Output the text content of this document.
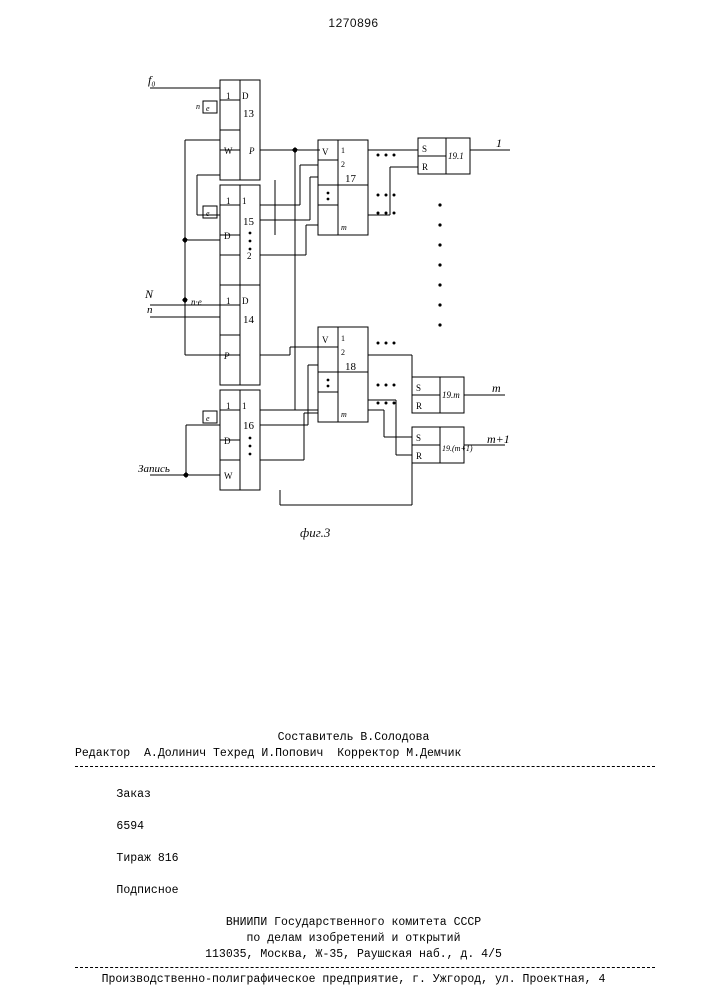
1270896
f₀
1 D
13
e
n
W P
1 1
15
e
D
2
1 D
14
n·e
P
1 1
16
e
D
W
V 1
2
17
m
V 1
2
18
m
S
R
19.1
S
R
19.m
S
R
19.(m+1)
N
n
Запись
1
m
m+1
фиг.3
Составитель В.Солодова
Редактор  А.Долинич Техред И.Попович  Корректор М.Демчик

Заказ

6594

Тираж 816

Подписное

ВНИИПИ Государственного комитета СССР
по делам изобретений и открытий
113035, Москва, Ж-35, Раушская наб., д. 4/5
Производственно-полиграфическое предприятие, г. Ужгород, ул. Проектная, 4
